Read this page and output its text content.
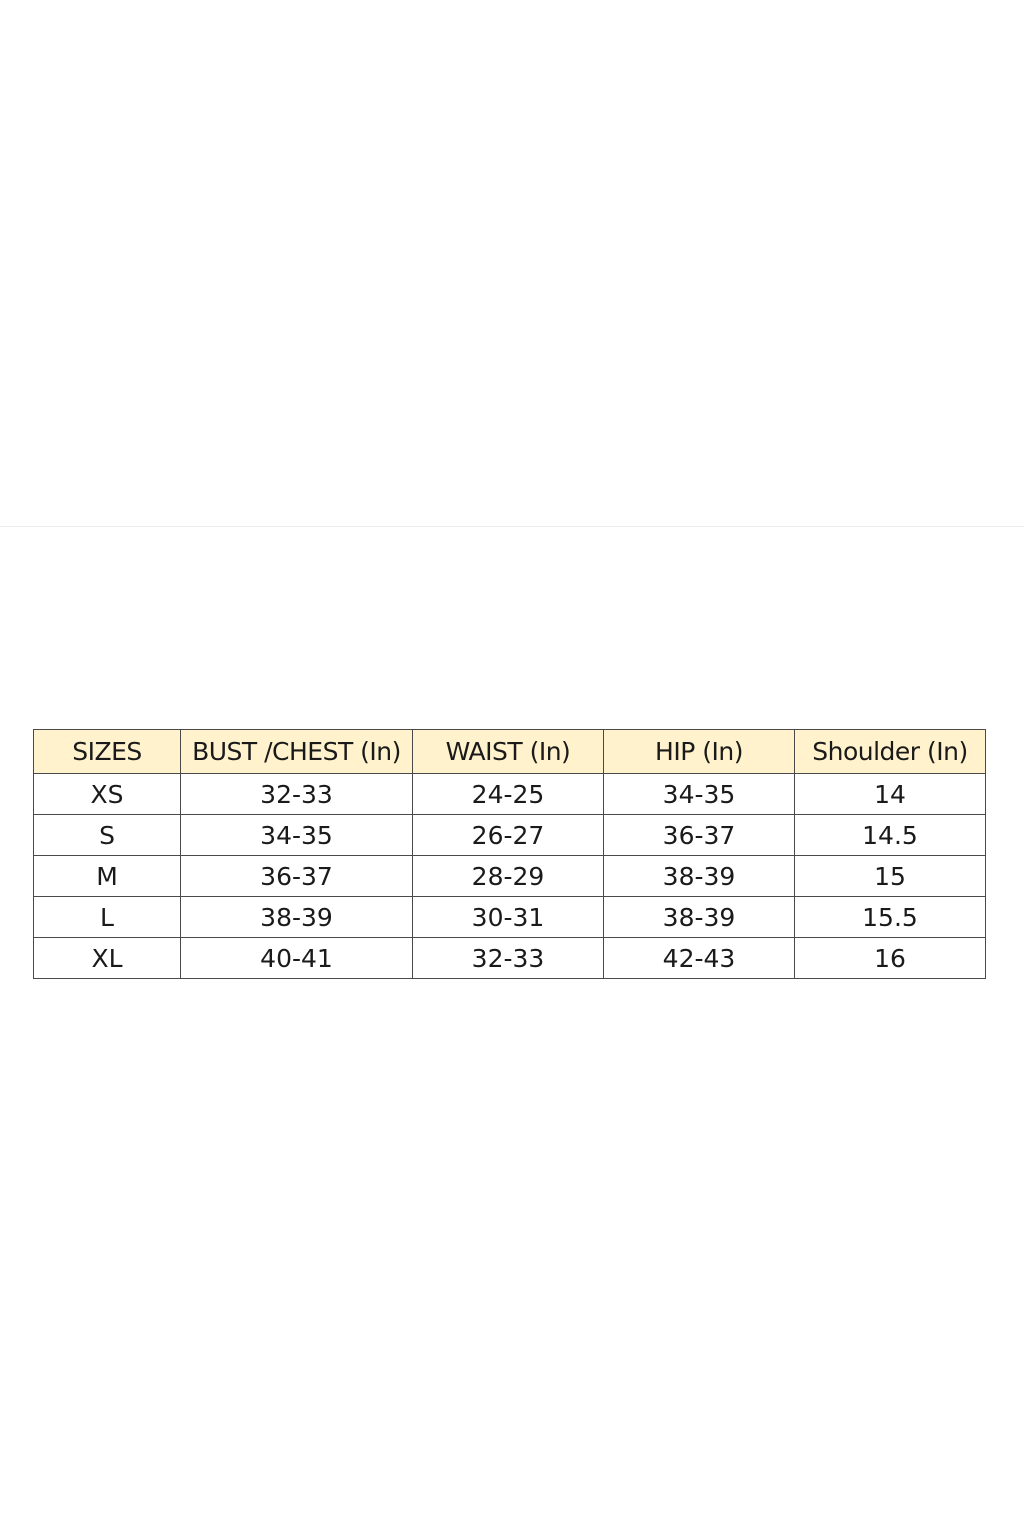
SIZES	BUST /CHEST (In)	WAIST (In)	HIP (In)	Shoulder (In)
XS	32-33	24-25	34-35	14
S	34-35	26-27	36-37	14.5
M	36-37	28-29	38-39	15
L	38-39	30-31	38-39	15.5
XL	40-41	32-33	42-43	16
